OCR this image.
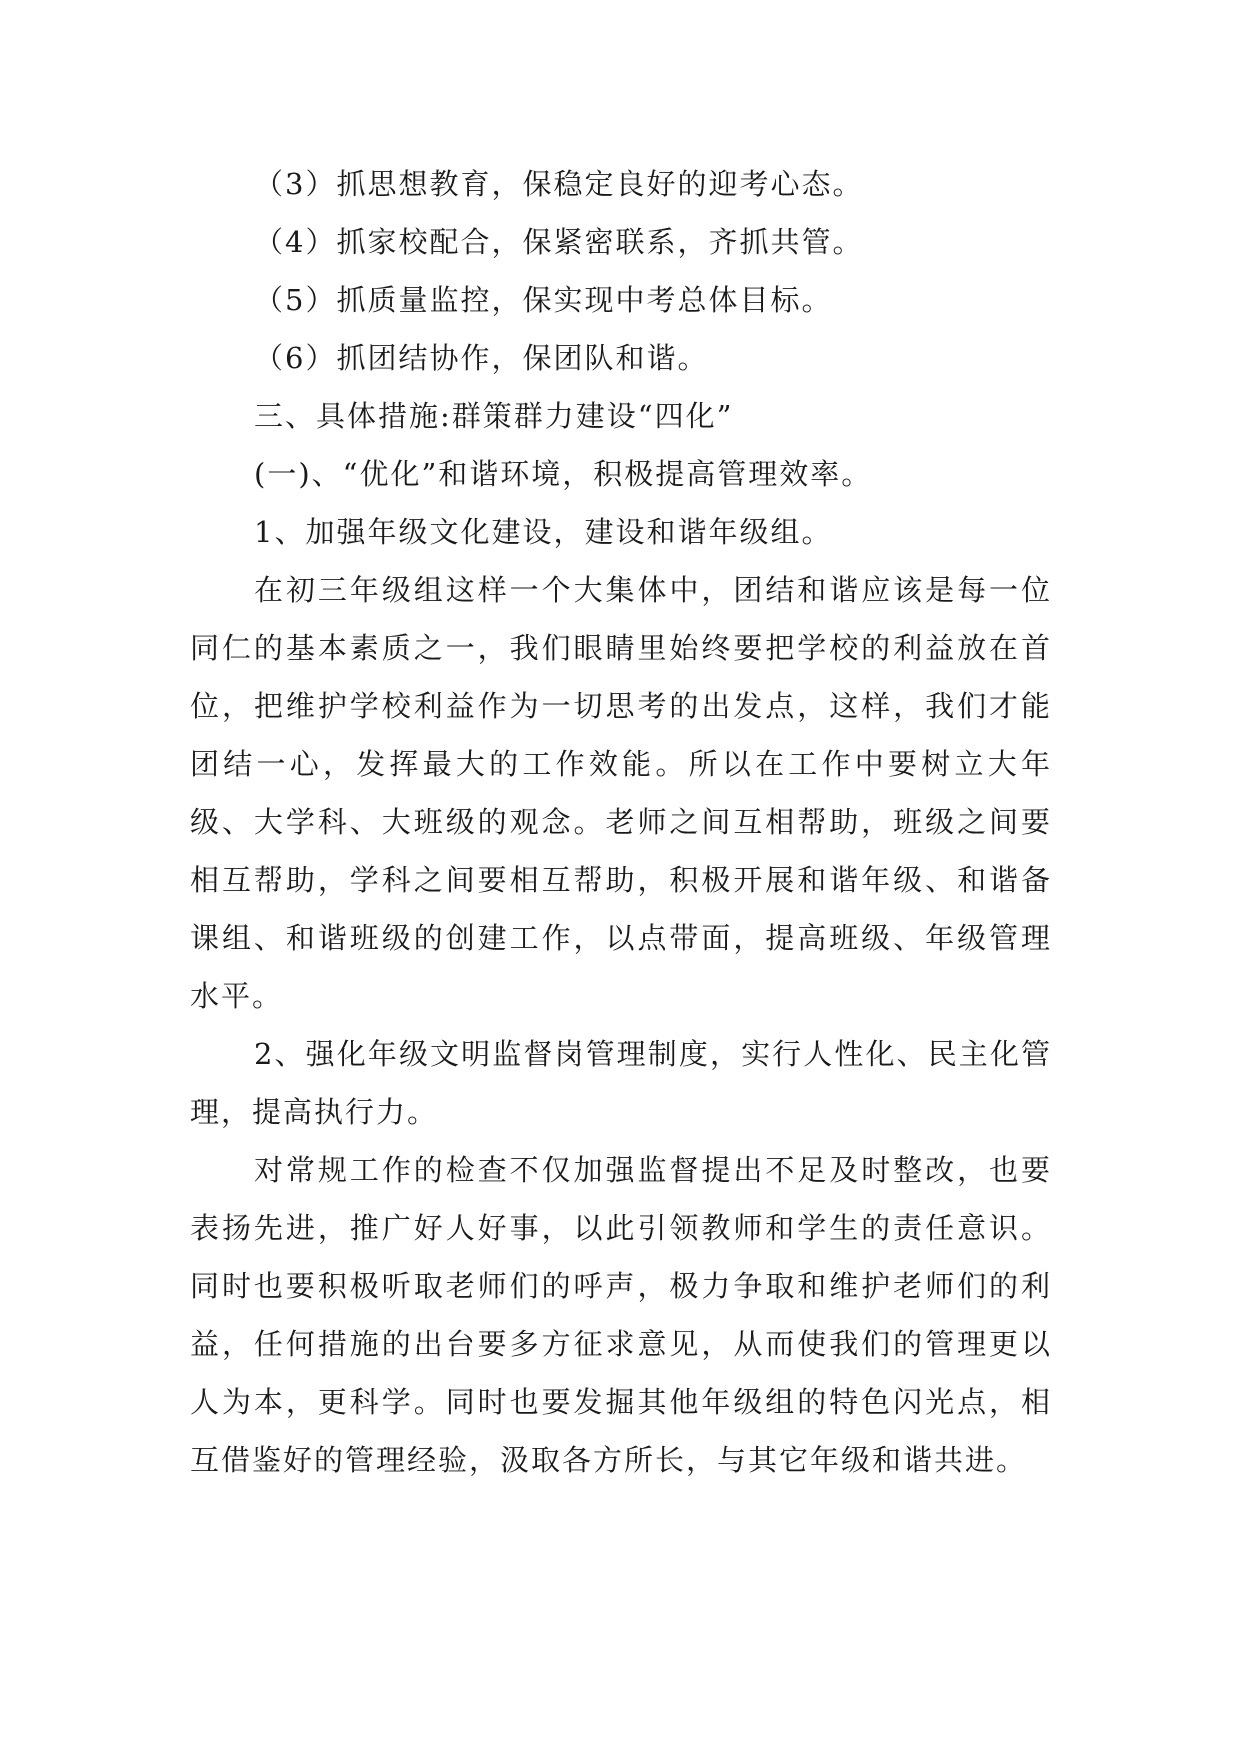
（3）抓思想教育，保稳定良好的迎考心态。

（4）抓家校配合，保紧密联系，齐抓共管。

（5）抓质量监控，保实现中考总体目标。

（6）抓团结协作，保团队和谐。

三、具体措施:群策群力建设“四化”

(一)、“优化”和谐环境，积极提高管理效率。

1、加强年级文化建设，建设和谐年级组。

在初三年级组这样一个大集体中，团结和谐应该是每一位同仁的基本素质之一，我们眼睛里始终要把学校的利益放在首位，把维护学校利益作为一切思考的出发点，这样，我们才能团结一心，发挥最大的工作效能。所以在工作中要树立大年级、大学科、大班级的观念。老师之间互相帮助，班级之间要相互帮助，学科之间要相互帮助，积极开展和谐年级、和谐备课组、和谐班级的创建工作，以点带面，提高班级、年级管理水平。

2、强化年级文明监督岗管理制度，实行人性化、民主化管理，提高执行力。

对常规工作的检查不仅加强监督提出不足及时整改，也要表扬先进，推广好人好事，以此引领教师和学生的责任意识。同时也要积极听取老师们的呼声，极力争取和维护老师们的利益，任何措施的出台要多方征求意见，从而使我们的管理更以人为本，更科学。同时也要发掘其他年级组的特色闪光点，相互借鉴好的管理经验，汲取各方所长，与其它年级和谐共进。
